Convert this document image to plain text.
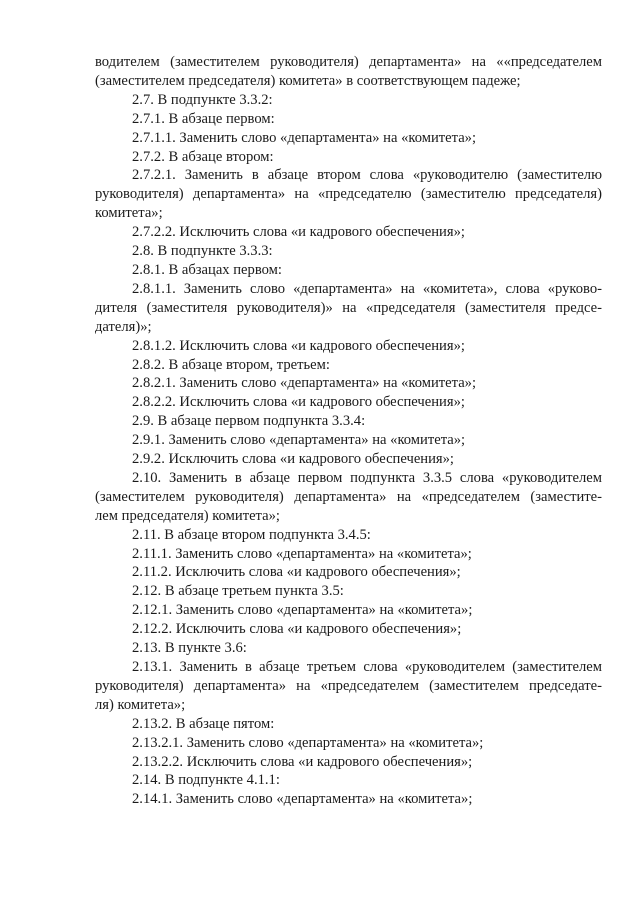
водителем (заместителем руководителя) департамента» на ««председателем

(заместителем председателя) комитета» в соответствующем падеже;

2.7. В подпункте 3.3.2:

2.7.1. В абзаце первом:

2.7.1.1. Заменить слово «департамента» на «комитета»;

2.7.2. В абзаце втором:

2.7.2.1. Заменить в абзаце втором слова «руководителю (заместителю

руководителя) департамента» на «председателю (заместителю председателя)

комитета»;

2.7.2.2. Исключить слова «и кадрового обеспечения»;

2.8. В подпункте 3.3.3:

2.8.1. В абзацах первом:

2.8.1.1. Заменить слово «департамента» на «комитета», слова «руково-

дителя (заместителя руководителя)» на «председателя (заместителя предсе-

дателя)»;

2.8.1.2. Исключить слова «и кадрового обеспечения»;

2.8.2. В абзаце втором, третьем:

2.8.2.1. Заменить слово «департамента» на «комитета»;

2.8.2.2. Исключить слова «и кадрового обеспечения»;

2.9. В абзаце первом подпункта 3.3.4:

2.9.1. Заменить слово «департамента» на «комитета»;

2.9.2. Исключить слова «и кадрового обеспечения»;

2.10. Заменить в абзаце первом подпункта 3.3.5 слова «руководителем

(заместителем руководителя) департамента» на «председателем (заместите-

лем председателя) комитета»;

2.11. В абзаце втором подпункта 3.4.5:

2.11.1. Заменить слово «департамента» на «комитета»;

2.11.2. Исключить слова «и кадрового обеспечения»;

2.12. В абзаце третьем пункта 3.5:

2.12.1. Заменить слово «департамента» на «комитета»;

2.12.2. Исключить слова «и кадрового обеспечения»;

2.13. В пункте 3.6:

2.13.1. Заменить в абзаце третьем слова «руководителем (заместителем

руководителя) департамента» на «председателем (заместителем председате-

ля) комитета»;

2.13.2. В абзаце пятом:

2.13.2.1. Заменить слово «департамента» на «комитета»;

2.13.2.2. Исключить слова «и кадрового обеспечения»;

2.14. В подпункте 4.1.1:

2.14.1. Заменить слово «департамента» на «комитета»;
